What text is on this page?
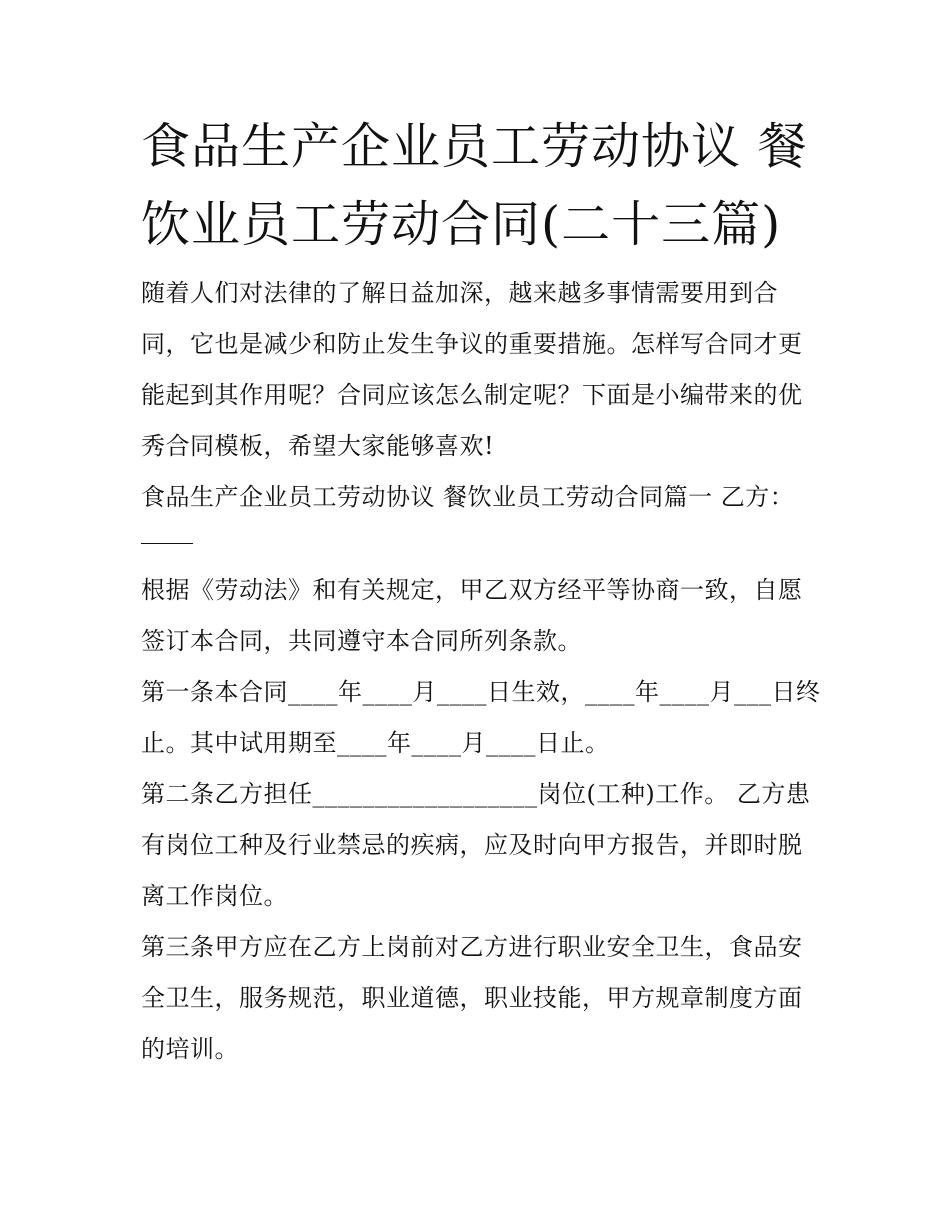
食品生产企业员工劳动协议 餐

饮业员工劳动合同(二十三篇)

随着人们对法律的了解日益加深，越来越多事情需要用到合

同，它也是减少和防止发生争议的重要措施。怎样写合同才更

能起到其作用呢？合同应该怎么制定呢？下面是小编带来的优

秀合同模板，希望大家能够喜欢!

食品生产企业员工劳动协议 餐饮业员工劳动合同篇一 乙方：

根据《劳动法》和有关规定，甲乙双方经平等协商一致，自愿

签订本合同，共同遵守本合同所列条款。

第一条本合同____年____月____日生效，____年____月___日终

止。其中试用期至____年____月____日止。

第二条乙方担任__________________岗位(工种)工作。 乙方患

有岗位工种及行业禁忌的疾病，应及时向甲方报告，并即时脱

离工作岗位。

第三条甲方应在乙方上岗前对乙方进行职业安全卫生，食品安

全卫生，服务规范，职业道德，职业技能，甲方规章制度方面

的培训。
